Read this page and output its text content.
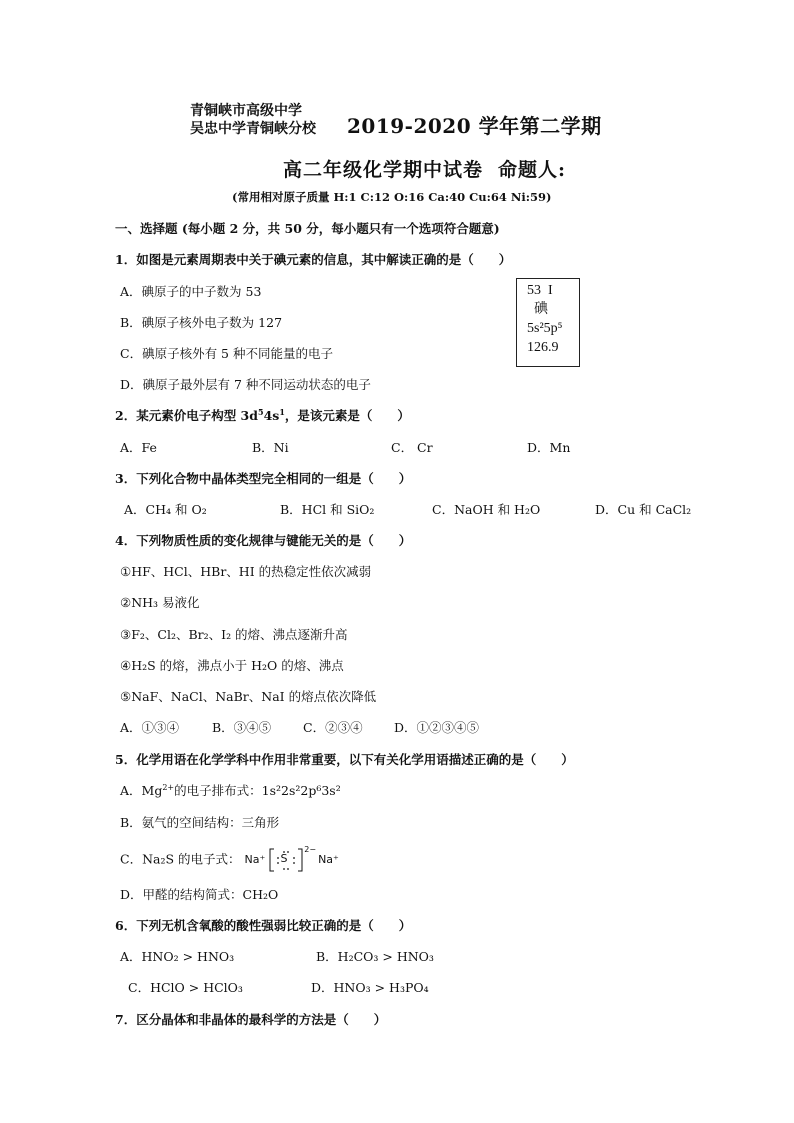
青铜峡市高级中学
吴忠中学青铜峡分校 2019-2020 学年第二学期
高二年级化学期中试卷 命题人:
(常用相对原子质量 H:1 C:12 O:16 Ca:40 Cu:64 Ni:59)
一、选择题 (每小题 2 分，共 50 分，每小题只有一个选项符合题意)
1．如图是元素周期表中关于碘元素的信息，其中解读正确的是（　　）
A．碘原子的中子数为 53
B．碘原子核外电子数为 127
C．碘原子核外有 5 种不同能量的电子
D．碘原子最外层有 7 种不同运动状态的电子
53 I
碘
5s²5p⁵
126.9
2．某元素价电子构型 $3d^54s^1$，是该元素是（　　）
A．Fe	B．Ni	C． Cr	D．Mn
3．下列化合物中晶体类型完全相同的一组是（　　）
A．CH₄ 和 O₂	B．HCl 和 SiO₂	C．NaOH 和 H₂O	D．Cu 和 CaCl₂
4．下列物质性质的变化规律与键能无关的是（　　）
①HF、HCl、HBr、HI 的热稳定性依次减弱
②NH₃ 易液化
③F₂、Cl₂、Br₂、I₂ 的熔、沸点逐渐升高
④H₂S 的熔，沸点小于 H₂O 的熔、沸点
⑤NaF、NaCl、NaBr、NaI 的熔点依次降低
A．①③④	B．③④⑤	C．②③④	D．①②③④⑤
5．化学用语在化学学科中作用非常重要，以下有关化学用语描述正确的是（　　）
A．$Mg^{2+}$的电子排布式：1s²2s²2p⁶3s²
B．氨气的空间结构：三角形
C．Na₂S 的电子式： Na⁺ S
$^{2-}$Na⁺
D．甲醛的结构简式：CH₂O
6．下列无机含氧酸的酸性强弱比较正确的是（　　）
A．HNO₂ > HNO₃	B．H₂CO₃ > HNO₃
C．HClO > HClO₃	D．HNO₃ > H₃PO₄
7．区分晶体和非晶体的最科学的方法是（　　）
